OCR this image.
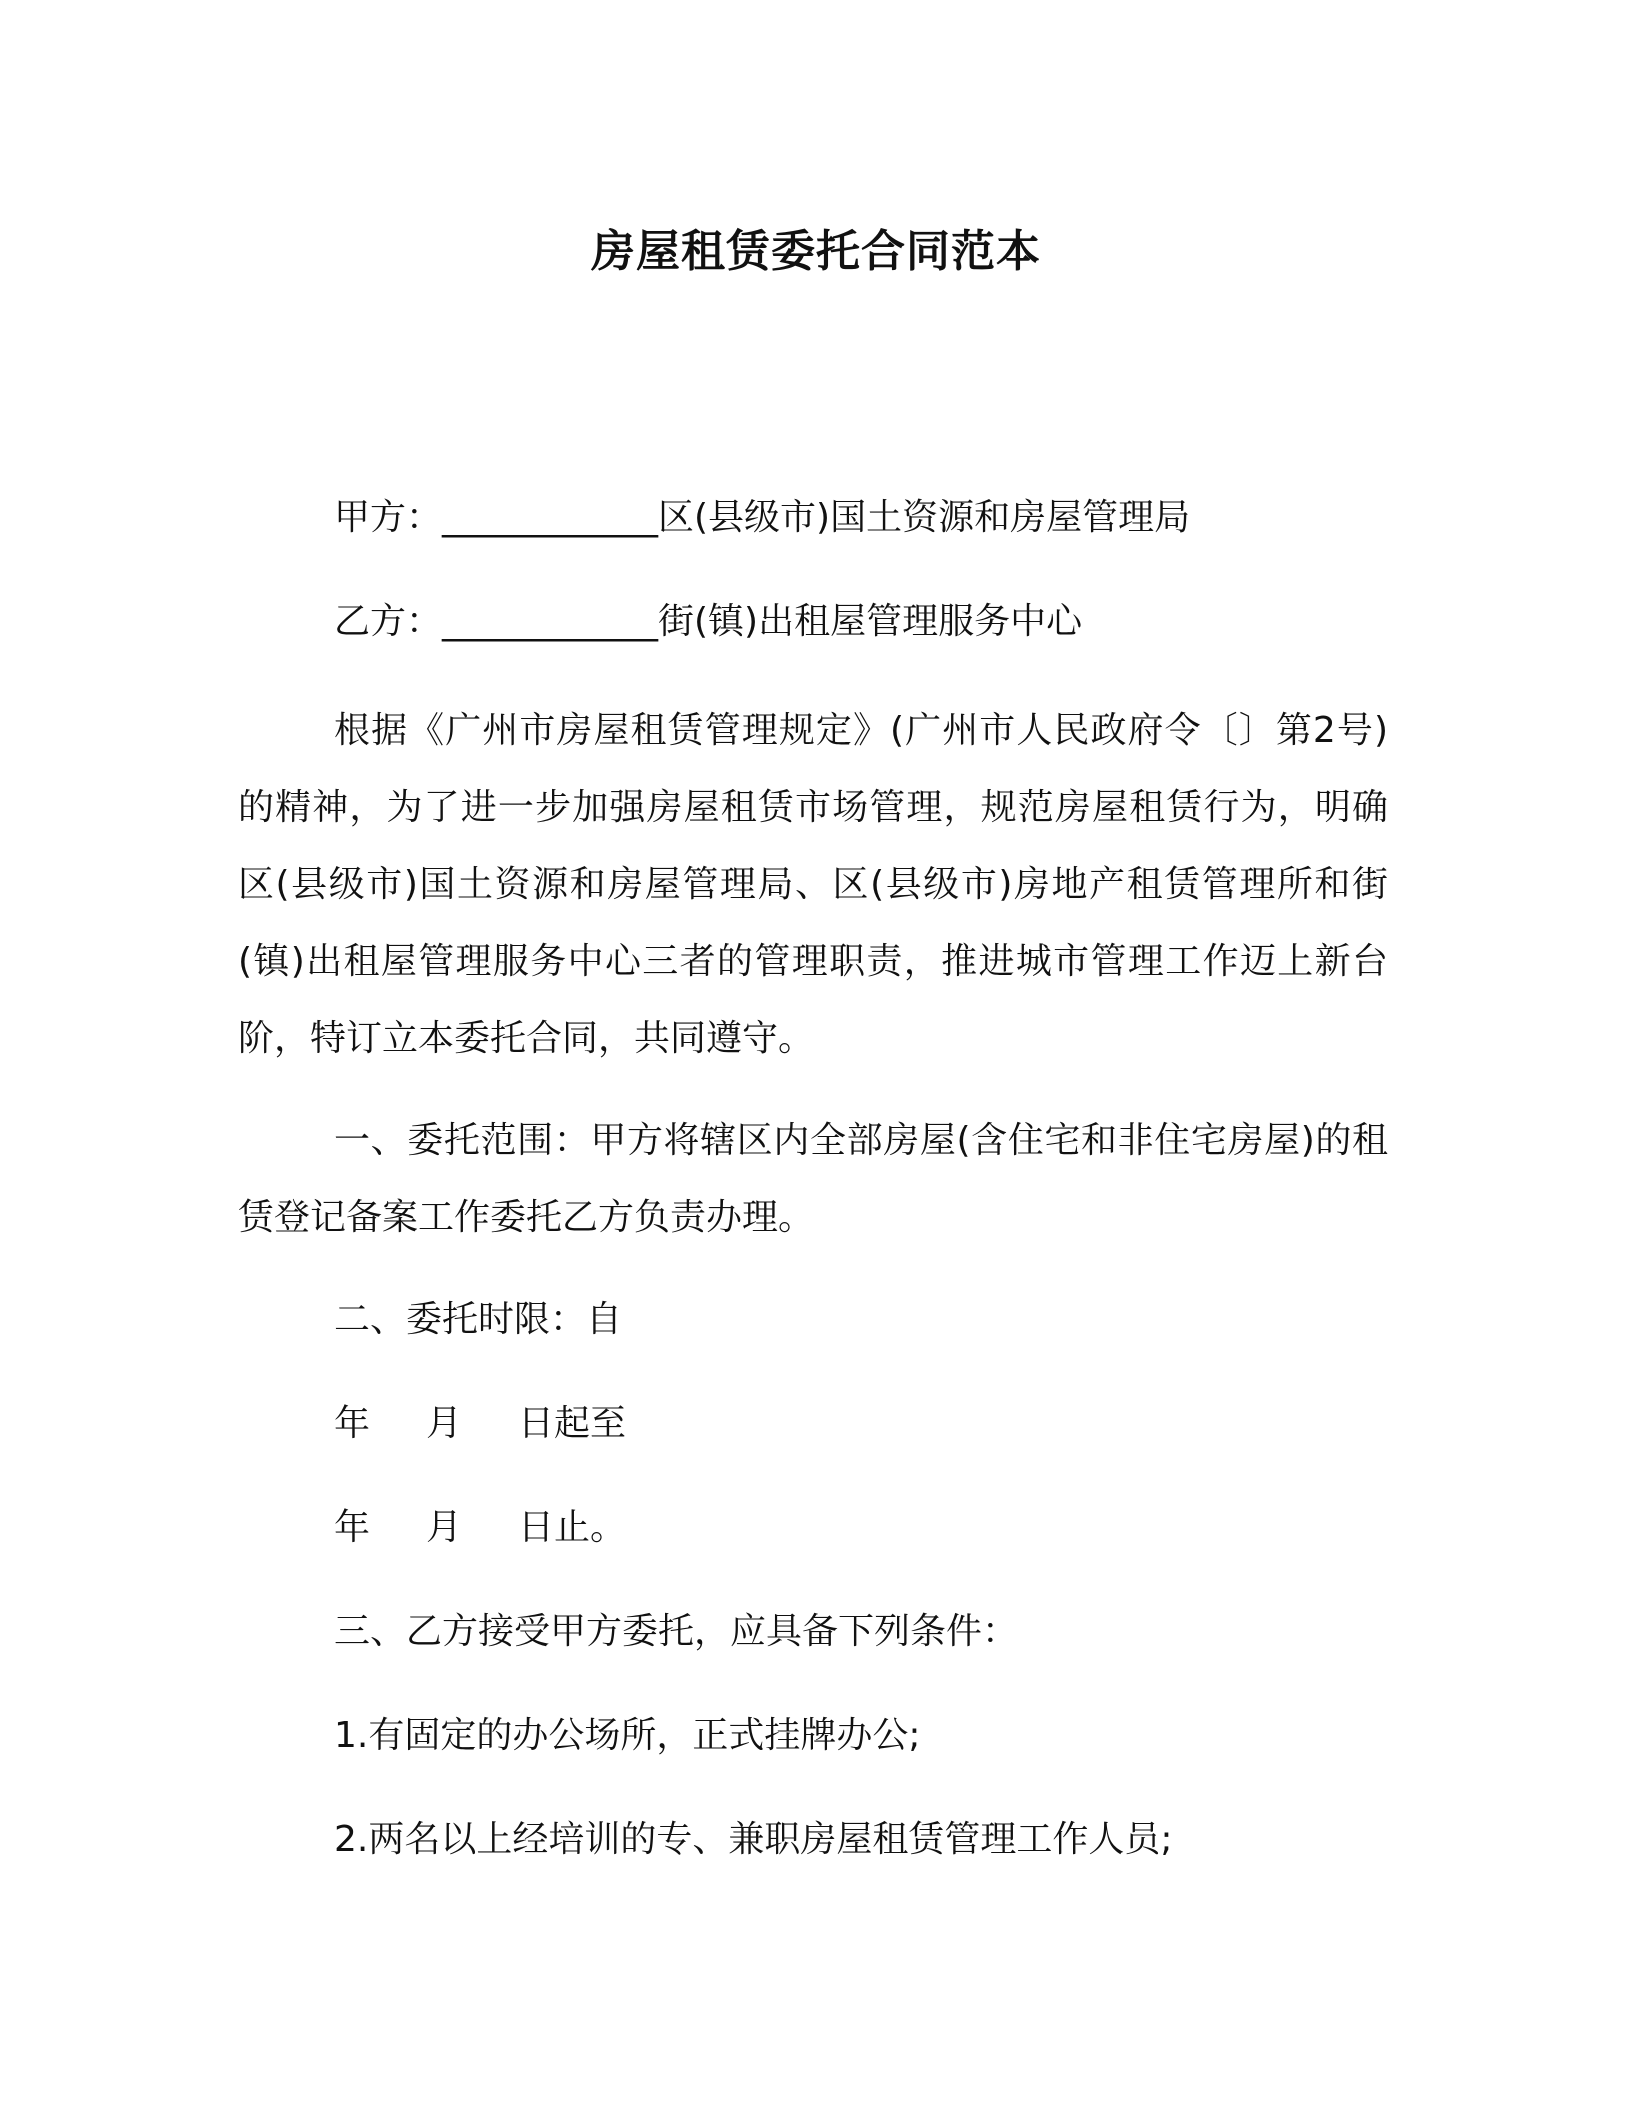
房屋租赁委托合同范本
甲方：____________区(县级市)国土资源和房屋管理局
乙方：____________街(镇)出租屋管理服务中心
根据《广州市房屋租赁管理规定》(广州市人民政府令〔〕第2号)的精神，为了进一步加强房屋租赁市场管理，规范房屋租赁行为，明确区(县级市)国土资源和房屋管理局、区(县级市)房地产租赁管理所和街(镇)出租屋管理服务中心三者的管理职责，推进城市管理工作迈上新台阶，特订立本委托合同，共同遵守。
一、委托范围：甲方将辖区内全部房屋(含住宅和非住宅房屋)的租赁登记备案工作委托乙方负责办理。
二、委托时限：自
年 月 日起至
年 月 日止。
三、乙方接受甲方委托，应具备下列条件：
1.有固定的办公场所，正式挂牌办公;
2.两名以上经培训的专、兼职房屋租赁管理工作人员;
